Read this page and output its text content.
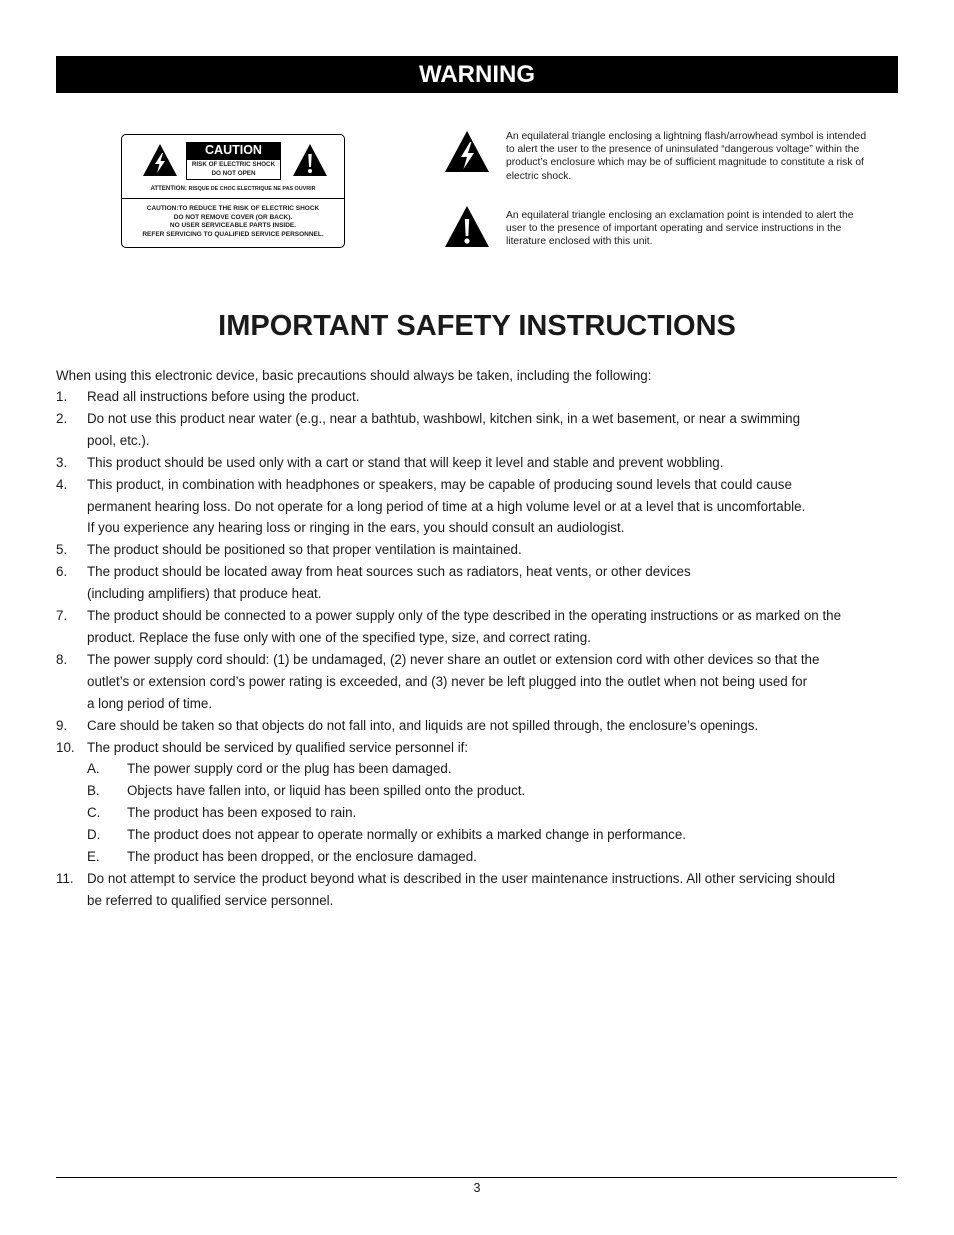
WARNING
CAUTION
RISK OF ELECTRIC SHOCK
DO NOT OPEN
ATTENTION: RISQUE DE CHOC ELECTRIQUE NE PAS OUVRIR
CAUTION:TO REDUCE THE RISK OF ELECTRIC SHOCK
DO NOT REMOVE COVER (OR BACK).
NO USER SERVICEABLE PARTS INSIDE.
REFER SERVICING TO QUALIFIED SERVICE PERSONNEL.
An equilateral triangle enclosing a lightning flash/arrowhead symbol is intended to alert the user to the presence of uninsulated “dangerous voltage” within the product’s enclosure which may be of sufficient magnitude to constitute a risk of electric shock.
An equilateral triangle enclosing an exclamation point is intended to alert the user to the presence of important operating and service instructions in the literature enclosed with this unit.
IMPORTANT SAFETY INSTRUCTIONS
When using this electronic device, basic precautions should always be taken, including the following:
1. Read all instructions before using the product.
2. Do not use this product near water (e.g., near a bathtub, washbowl, kitchen sink, in a wet basement, or near a swimming
pool, etc.).
3. This product should be used only with a cart or stand that will keep it level and stable and prevent wobbling.
4. This product, in combination with headphones or speakers, may be capable of producing sound levels that could cause
permanent hearing loss. Do not operate for a long period of time at a high volume level or at a level that is uncomfortable.
If you experience any hearing loss or ringing in the ears, you should consult an audiologist.
5. The product should be positioned so that proper ventilation is maintained.
6. The product should be located away from heat sources such as radiators, heat vents, or other devices
(including amplifiers) that produce heat.
7. The product should be connected to a power supply only of the type described in the operating instructions or as marked on the
product. Replace the fuse only with one of the specified type, size, and correct rating.
8. The power supply cord should: (1) be undamaged, (2) never share an outlet or extension cord with other devices so that the
outlet’s or extension cord’s power rating is exceeded, and (3) never be left plugged into the outlet when not being used for
a long period of time.
9. Care should be taken so that objects do not fall into, and liquids are not spilled through, the enclosure’s openings.
10. The product should be serviced by qualified service personnel if:
A. The power supply cord or the plug has been damaged.
B. Objects have fallen into, or liquid has been spilled onto the product.
C. The product has been exposed to rain.
D. The product does not appear to operate normally or exhibits a marked change in performance.
E. The product has been dropped, or the enclosure damaged.
11. Do not attempt to service the product beyond what is described in the user maintenance instructions. All other servicing should
be referred to qualified service personnel.
3
